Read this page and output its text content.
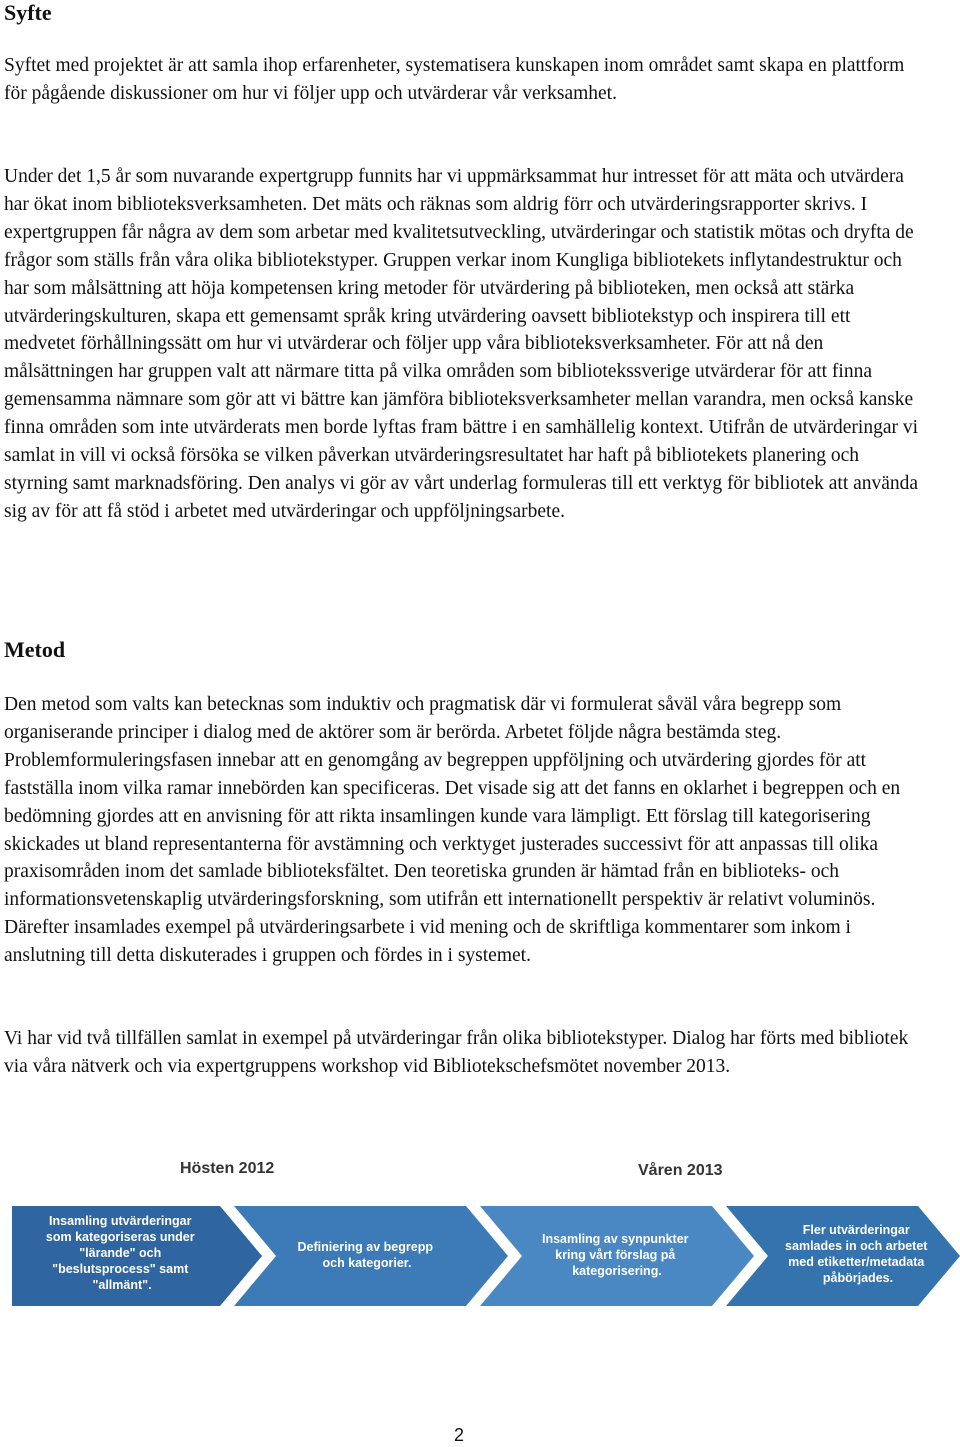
Syfte

Syftet med projektet är att samla ihop erfarenheter, systematisera kunskapen inom området samt skapa en plattform för pågående diskussioner om hur vi följer upp och utvärderar vår verksamhet.

Under det 1,5 år som nuvarande expertgrupp funnits har vi uppmärksammat hur intresset för att mäta och utvärdera har ökat inom biblioteksverksamheten. Det mäts och räknas som aldrig förr och utvärderingsrapporter skrivs. I expertgruppen får några av dem som arbetar med kvalitetsutveckling, utvärderingar och statistik mötas och dryfta de frågor som ställs från våra olika bibliotekstyper. Gruppen verkar inom Kungliga bibliotekets inflytandestruktur och har som målsättning att höja kompetensen kring metoder för utvärdering på biblioteken, men också att stärka utvärderingskulturen, skapa ett gemensamt språk kring utvärdering oavsett bibliotekstyp och inspirera till ett medvetet förhållningssätt om hur vi utvärderar och följer upp våra biblioteksverksamheter. För att nå den målsättningen har gruppen valt att närmare titta på vilka områden som bibliotekssverige utvärderar för att finna gemensamma nämnare som gör att vi bättre kan jämföra biblioteksverksamheter mellan varandra, men också kanske finna områden som inte utvärderats men borde lyftas fram bättre i en samhällelig kontext. Utifrån de utvärderingar vi samlat in vill vi också försöka se vilken påverkan utvärderingsresultatet har haft på bibliotekets planering och styrning samt marknadsföring. Den analys vi gör av vårt underlag formuleras till ett verktyg för bibliotek att använda sig av för att få stöd i arbetet med utvärderingar och uppföljningsarbete.

Metod

Den metod som valts kan betecknas som induktiv och pragmatisk där vi formulerat såväl våra begrepp som organiserande principer i dialog med de aktörer som är berörda. Arbetet följde några bestämda steg. Problemformuleringsfasen innebar att en genomgång av begreppen uppföljning och utvärdering gjordes för att fastställa inom vilka ramar innebörden kan specificeras. Det visade sig att det fanns en oklarhet i begreppen och en bedömning gjordes att en anvisning för att rikta insamlingen kunde vara lämpligt. Ett förslag till kategorisering skickades ut bland representanterna för avstämning och verktyget justerades successivt för att anpassas till olika praxisområden inom det samlade biblioteksfältet. Den teoretiska grunden är hämtad från en biblioteks- och informationsvetenskaplig utvärderingsforskning, som utifrån ett internationellt perspektiv är relativt voluminös. Därefter insamlades exempel på utvärderingsarbete i vid mening och de skriftliga kommentarer som inkom i anslutning till detta diskuterades i gruppen och fördes in i systemet.

Vi har vid två tillfällen samlat in exempel på utvärderingar från olika bibliotekstyper. Dialog har förts med bibliotek via våra nätverk och via expertgruppens workshop vid Bibliotekschefsmötet november 2013.

Hösten 2012	Våren 2013
Insamling utvärderingar som kategoriseras under "lärande" och "beslutsprocess" samt "allmänt".
Definiering av begrepp och kategorier.
Insamling av synpunkter kring vårt förslag på kategorisering.
Fler utvärderingar samlades in och arbetet med etiketter/metadata påbörjades.
2
